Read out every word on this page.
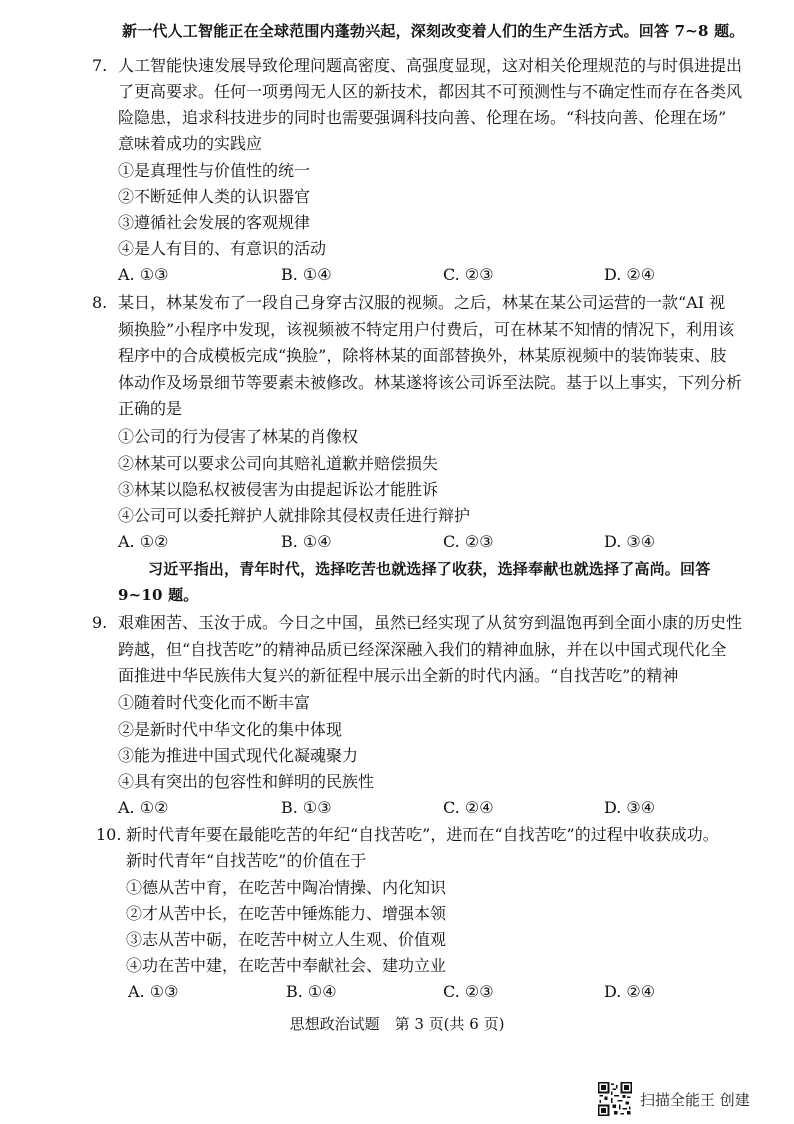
新一代人工智能正在全球范围内蓬勃兴起，深刻改变着人们的生产生活方式。回答 7~8 题。
7. 人工智能快速发展导致伦理问题高密度、高强度显现，这对相关伦理规范的与时俱进提出
了更高要求。任何一项勇闯无人区的新技术，都因其不可预测性与不确定性而存在各类风
险隐患，追求科技进步的同时也需要强调科技向善、伦理在场。“科技向善、伦理在场”
意味着成功的实践应
①是真理性与价值性的统一
②不断延伸人类的认识器官
③遵循社会发展的客观规律
④是人有目的、有意识的活动
A. ①③	B. ①④	C. ②③	D. ②④
8. 某日，林某发布了一段自己身穿古汉服的视频。之后，林某在某公司运营的一款“AI 视
频换脸”小程序中发现，该视频被不特定用户付费后，可在林某不知情的情况下，利用该
程序中的合成模板完成“换脸”，除将林某的面部替换外，林某原视频中的装饰装束、肢
体动作及场景细节等要素未被修改。林某遂将该公司诉至法院。基于以上事实，下列分析
正确的是
①公司的行为侵害了林某的肖像权
②林某可以要求公司向其赔礼道歉并赔偿损失
③林某以隐私权被侵害为由提起诉讼才能胜诉
④公司可以委托辩护人就排除其侵权责任进行辩护
A. ①②	B. ①④	C. ②③	D. ③④
习近平指出，青年时代，选择吃苦也就选择了收获，选择奉献也就选择了高尚。回答
9~10 题。
9. 艰难困苦、玉汝于成。今日之中国，虽然已经实现了从贫穷到温饱再到全面小康的历史性
跨越，但“自找苦吃”的精神品质已经深深融入我们的精神血脉，并在以中国式现代化全
面推进中华民族伟大复兴的新征程中展示出全新的时代内涵。“自找苦吃”的精神
①随着时代变化而不断丰富
②是新时代中华文化的集中体现
③能为推进中国式现代化凝魂聚力
④具有突出的包容性和鲜明的民族性
A. ①②	B. ①③	C. ②④	D. ③④
10. 新时代青年要在最能吃苦的年纪“自找苦吃”，进而在“自找苦吃”的过程中收获成功。
新时代青年“自找苦吃”的价值在于
①德从苦中育，在吃苦中陶冶情操、内化知识
②才从苦中长，在吃苦中锤炼能力、增强本领
③志从苦中砺，在吃苦中树立人生观、价值观
④功在苦中建，在吃苦中奉献社会、建功立业
A. ①③	B. ①④	C. ②③	D. ②④
思想政治试题　第 3 页(共 6 页)
扫描全能王 创建
